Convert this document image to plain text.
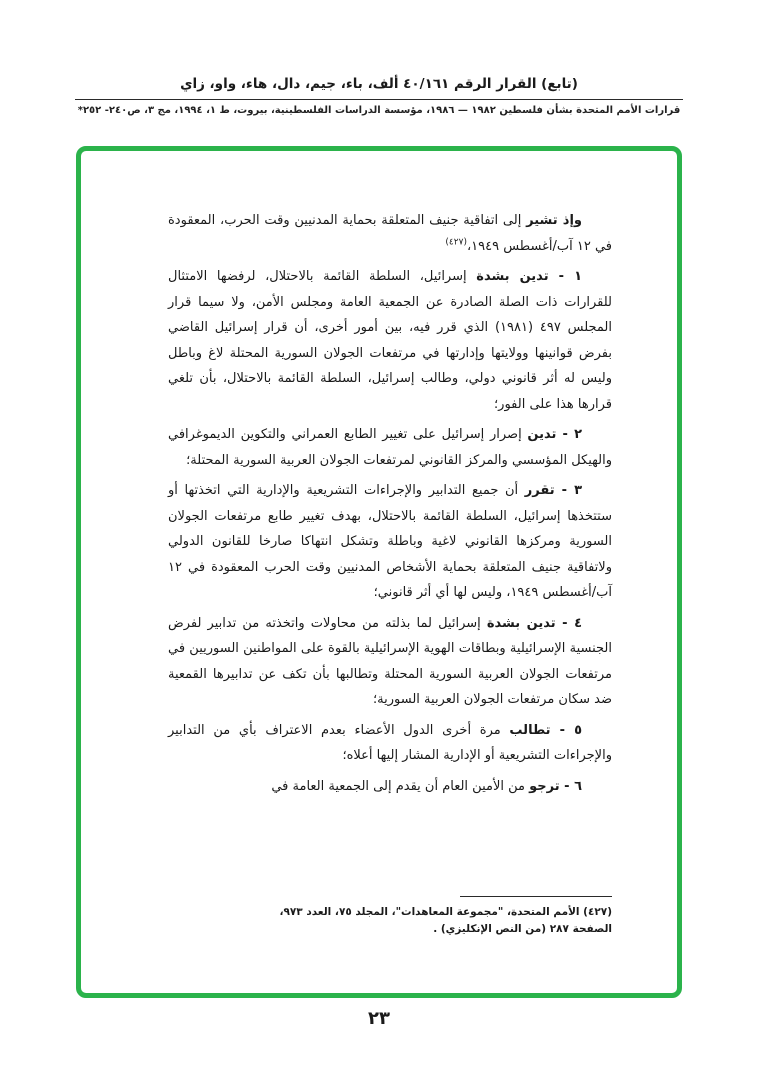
(تابع) القرار الرقم ٤٠/١٦١ ألف، باء، جيم، دال، هاء، واو، زاي
قرارات الأمم المتحدة بشأن فلسطين ١٩٨٢ — ١٩٨٦، مؤسسة الدراسات الفلسطينية، بيروت، ط ١، ١٩٩٤، مج ٣، ص٢٤٠- ٢٥٢*

وإذ تشير إلى اتفاقية جنيف المتعلقة بحماية المدنيين وقت الحرب، المعقودة في ١٢ آب/أغسطس ١٩٤٩،$^{(٤٢٧)}$

١ - تدين بشدة إسرائيل، السلطة القائمة بالاحتلال، لرفضها الامتثال للقرارات ذات الصلة الصادرة عن الجمعية العامة ومجلس الأمن، ولا سيما قرار المجلس ٤٩٧ (١٩٨١) الذي قرر فيه، بين أمور أخرى، أن قرار إسرائيل القاضي بفرض قوانينها وولايتها وإدارتها في مرتفعات الجولان السورية المحتلة لاغ وباطل وليس له أثر قانوني دولي، وطالب إسرائيل، السلطة القائمة بالاحتلال، بأن تلغي قرارها هذا على الفور؛

٢ - تدين إصرار إسرائيل على تغيير الطابع العمراني والتكوين الديموغرافي والهيكل المؤسسي والمركز القانوني لمرتفعات الجولان العربية السورية المحتلة؛

٣ - تقرر أن جميع التدابير والإجراءات التشريعية والإدارية التي اتخذتها أو ستتخذها إسرائيل، السلطة القائمة بالاحتلال، بهدف تغيير طابع مرتفعات الجولان السورية ومركزها القانوني لاغية وباطلة وتشكل انتهاكا صارخا للقانون الدولي ولاتفاقية جنيف المتعلقة بحماية الأشخاص المدنيين وقت الحرب المعقودة في ١٢ آب/أغسطس ١٩٤٩، وليس لها أي أثر قانوني؛

٤ - تدين بشدة إسرائيل لما بذلته من محاولات واتخذته من تدابير لفرض الجنسية الإسرائيلية وبطاقات الهوية الإسرائيلية بالقوة على المواطنين السوريين في مرتفعات الجولان العربية السورية المحتلة وتطالبها بأن تكف عن تدابيرها القمعية ضد سكان مرتفعات الجولان العربية السورية؛

٥ - تطالب مرة أخرى الدول الأعضاء بعدم الاعتراف بأي من التدابير والإجراءات التشريعية أو الإدارية المشار إليها أعلاه؛

٦ - ترجو من الأمين العام أن يقدم إلى الجمعية العامة في

(٤٢٧) الأمم المتحدة، "مجموعة المعاهدات"، المجلد ٧٥، العدد ٩٧٣،
الصفحة ٢٨٧ (من النص الإنكليزي) .
٢٣
